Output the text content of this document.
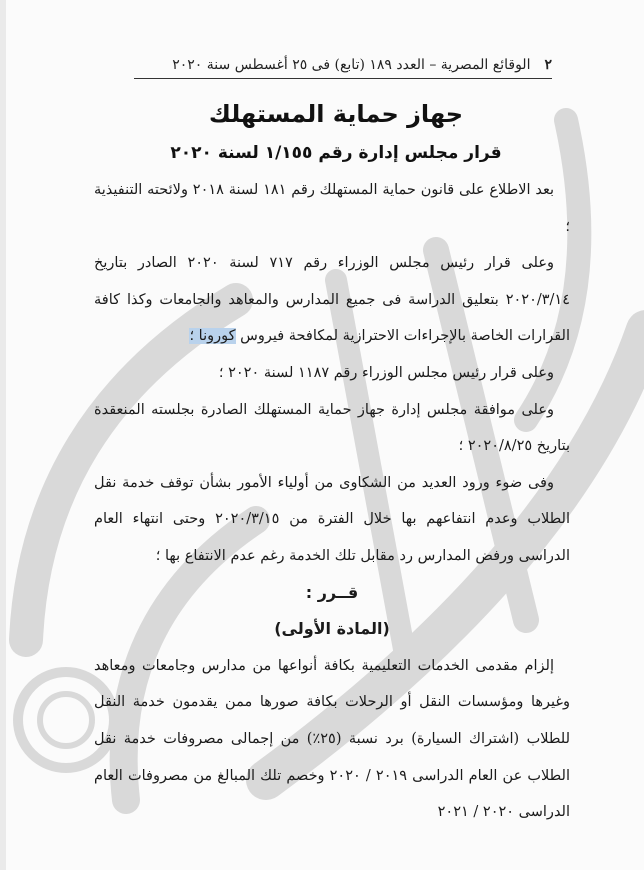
٢
الوقائع المصرية – العدد ١٨٩ (تابع) فى ٢٥ أغسطس سنة ٢٠٢٠
جهاز حماية المستهلك
قرار مجلس إدارة رقم ١/١٥٥ لسنة ٢٠٢٠

بعد الاطلاع على قانون حماية المستهلك رقم ١٨١ لسنة ٢٠١٨ ولائحته التنفيذية ؛

وعلى قرار رئيس مجلس الوزراء رقم ٧١٧ لسنة ٢٠٢٠ الصادر بتاريخ ٢٠٢٠/٣/١٤ بتعليق الدراسة فى جميع المدارس والمعاهد والجامعات وكذا كافة القرارات الخاصة بالإجراءات الاحترازية لمكافحة فيروس كورونا ؛

وعلى قرار رئيس مجلس الوزراء رقم ١١٨٧ لسنة ٢٠٢٠ ؛

وعلى موافقة مجلس إدارة جهاز حماية المستهلك الصادرة بجلسته المنعقدة بتاريخ ٢٠٢٠/٨/٢٥ ؛

وفى ضوء ورود العديد من الشكاوى من أولياء الأمور بشأن توقف خدمة نقل الطلاب وعدم انتفاعهم بها خلال الفترة من ٢٠٢٠/٣/١٥ وحتى انتهاء العام الدراسى ورفض المدارس رد مقابل تلك الخدمة رغم عدم الانتفاع بها ؛

قــرر :

(المادة الأولى)

إلزام مقدمى الخدمات التعليمية بكافة أنواعها من مدارس وجامعات ومعاهد وغيرها ومؤسسات النقل أو الرحلات بكافة صورها ممن يقدمون خدمة النقل للطلاب (اشتراك السيارة) برد نسبة (٢٥٪) من إجمالى مصروفات خدمة نقل الطلاب عن العام الدراسى ٢٠١٩ / ٢٠٢٠ وخصم تلك المبالغ من مصروفات العام الدراسى ٢٠٢٠ / ٢٠٢١
